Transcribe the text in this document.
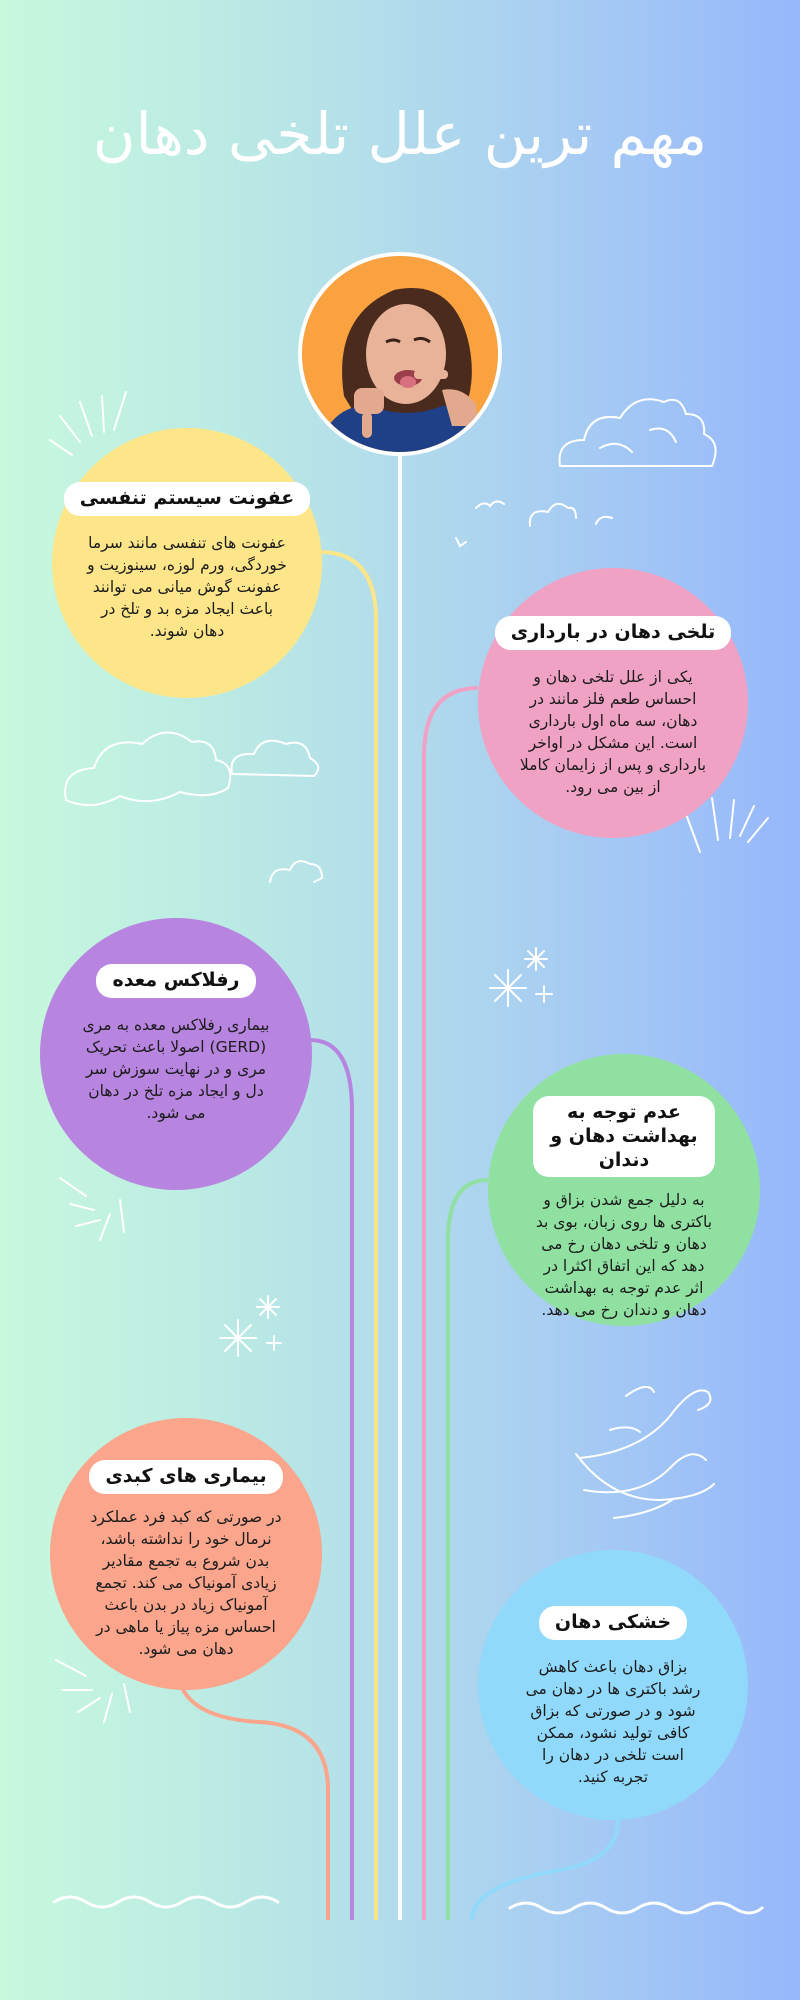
مهم ترین علل تلخی دهان
عفونت سیستم تنفسی
عفونت های تنفسی مانند سرما خوردگی، ورم لوزه، سینوزیت و عفونت گوش میانی می توانند باعث ایجاد مزه بد و تلخ در دهان شوند.	تلخی دهان در بارداری
یکی از علل تلخی دهان و احساس طعم فلز مانند در دهان، سه ماه اول بارداری است. این مشکل در اواخر بارداری و پس از زایمان کاملا از بین می رود.
رفلاکس معده
بیماری رفلاکس معده به مری (GERD) اصولا باعث تحریک مری و در نهایت سوزش سر دل و ایجاد مزه تلخ در دهان می شود.	عدم توجه به بهداشت دهان و دندان
به دلیل جمع شدن بزاق و باکتری ها روی زبان، بوی بد دهان و تلخی دهان رخ می دهد که این اتفاق اکثرا در اثر عدم توجه به بهداشت دهان و دندان رخ می دهد.
بیماری های کبدی
در صورتی که کبد فرد عملکرد نرمال خود را نداشته باشد، بدن شروع به تجمع مقادیر زیادی آمونیاک می کند. تجمع آمونیاک زیاد در بدن باعث احساس مزه پیاز یا ماهی در دهان می شود.
خشکی دهان
بزاق دهان باعث کاهش رشد باکتری ها در دهان می شود و در صورتی که بزاق کافی تولید نشود، ممکن است تلخی در دهان را تجربه کنید.
